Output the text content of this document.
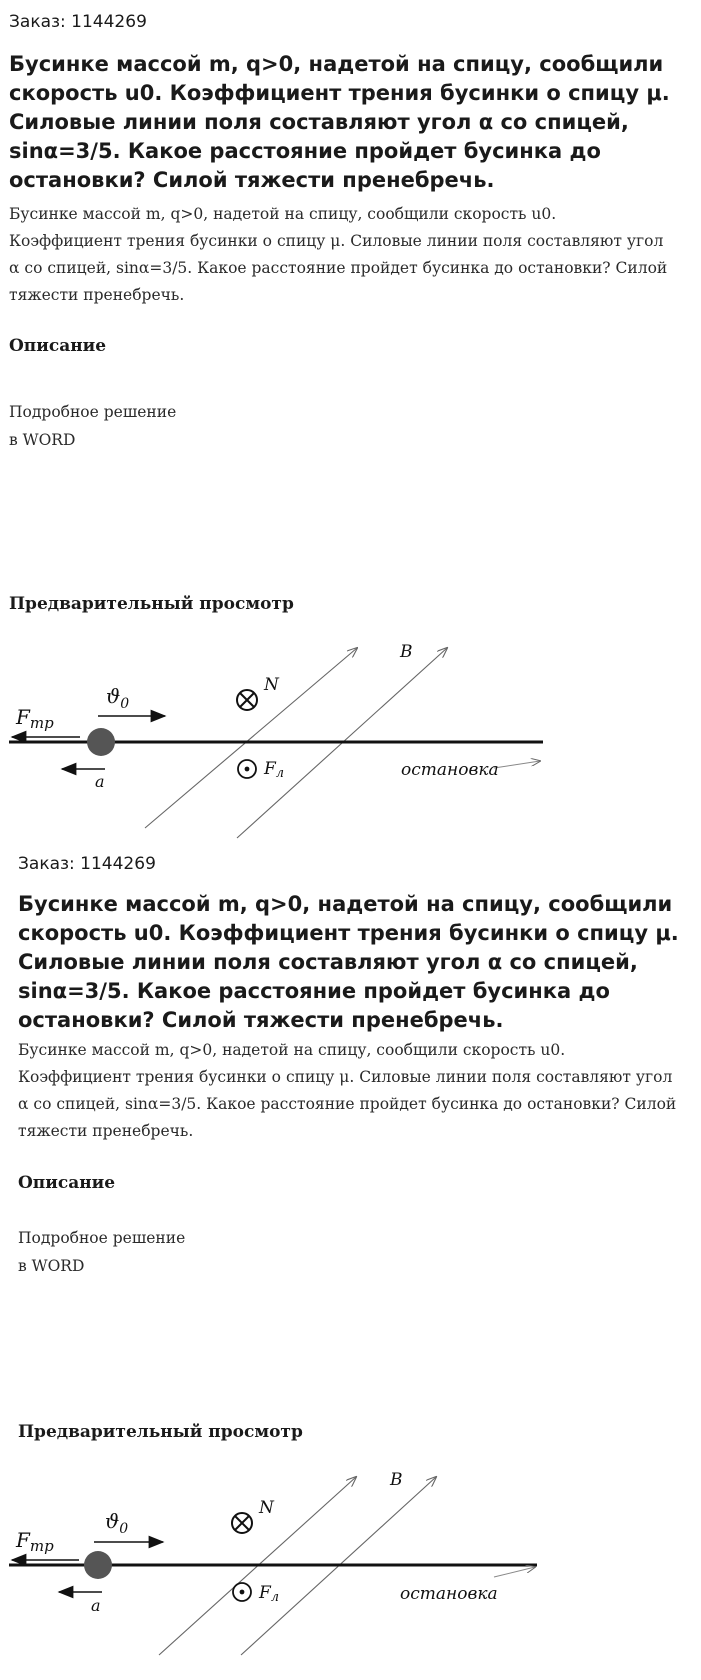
Заказ: 1144269
Бусинке массой m, q>0, надетой на спицу, сообщили скорость u0. Коэффициент трения бусинки о спицу μ. Силовые линии поля составляют угол α со спицей, sinα=3/5. Какое расстояние пройдет бусинка до остановки? Силой тяжести пренебречь.

Бусинке массой m, q>0, надетой на спицу, сообщили скорость u0. Коэффициент трения бусинки о спицу μ. Силовые линии поля составляют угол α со спицей, sinα=3/5. Какое расстояние пройдет бусинка до остановки? Силой тяжести пренебречь.

Описание
Подробное решение
в WORD
Предварительный просмотр
$F_{тр}$
$ϑ_0$
N
B
Fл
a
остановка
Заказ: 1144269
Бусинке массой m, q>0, надетой на спицу, сообщили скорость u0. Коэффициент трения бусинки о спицу μ. Силовые линии поля составляют угол α со спицей, sinα=3/5. Какое расстояние пройдет бусинка до остановки? Силой тяжести пренебречь.

Бусинке массой m, q>0, надетой на спицу, сообщили скорость u0. Коэффициент трения бусинки о спицу μ. Силовые линии поля составляют угол α со спицей, sinα=3/5. Какое расстояние пройдет бусинка до остановки? Силой тяжести пренебречь.

Описание
Подробное решение
в WORD
Предварительный просмотр
$F_{тр}$
$ϑ_0$
N
B
Fл
a
остановка
